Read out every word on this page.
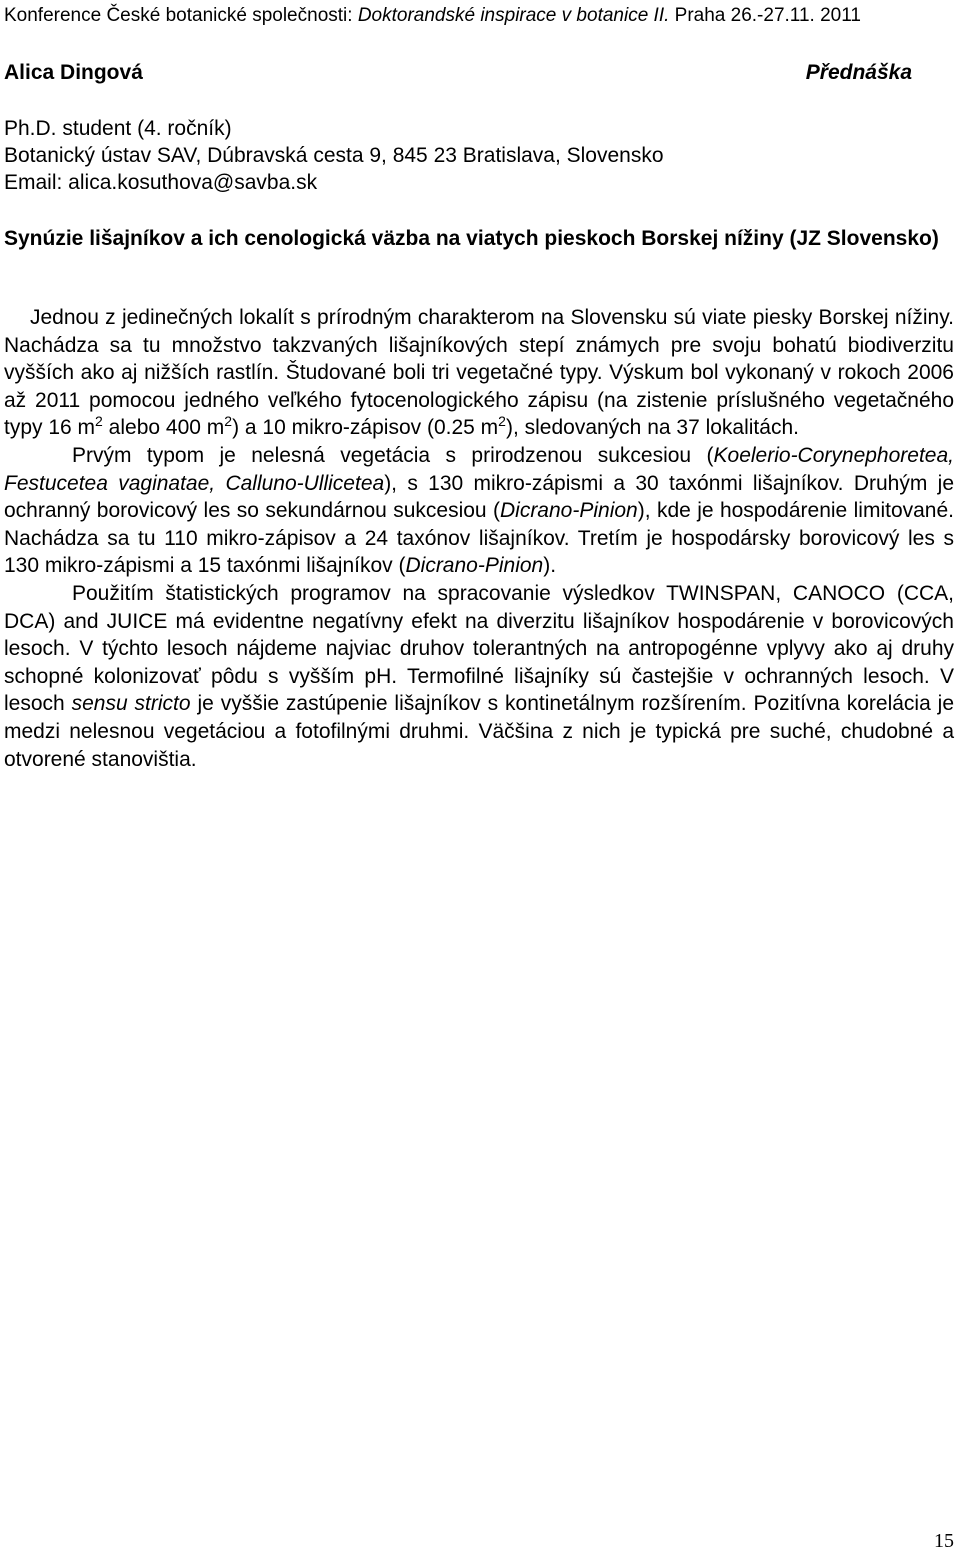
Konference České botanické společnosti: Doktorandské inspirace v botanice II. Praha 26.-27.11. 2011
Alica Dingová	Přednáška
Ph.D. student (4. ročník)
Botanický ústav SAV, Dúbravská cesta 9, 845 23 Bratislava, Slovensko
Email: alica.kosuthova@savba.sk
Synúzie lišajníkov a ich cenologická väzba na viatych pieskoch Borskej nížiny (JZ Slovensko)

Jednou z jedinečných lokalít s prírodným charakterom na Slovensku sú viate piesky Borskej nížiny. Nachádza sa tu množstvo takzvaných lišajníkových stepí známych pre svoju bohatú biodiverzitu vyšších ako aj nižších rastlín. Študované boli tri vegetačné typy. Výskum bol vykonaný v rokoch 2006 až 2011 pomocou jedného veľkého fytocenologického zápisu (na zistenie príslušného vegetačného typy 16 $m^2$ alebo 400 $m^2$) a 10 mikro-zápisov (0.25 $m^2$), sledovaných na 37 lokalitách.

Prvým typom je nelesná vegetácia s prirodzenou sukcesiou (Koelerio-Corynephoretea, Festucetea vaginatae, Calluno-Ullicetea), s 130 mikro-zápismi a 30 taxónmi lišajníkov. Druhým je ochranný borovicový les so sekundárnou sukcesiou (Dicrano-Pinion), kde je hospodárenie limitované. Nachádza sa tu 110 mikro-zápisov a 24 taxónov lišajníkov. Tretím je hospodársky borovicový les s 130 mikro-zápismi a 15 taxónmi lišajníkov (Dicrano-Pinion).

Použitím štatistických programov na spracovanie výsledkov TWINSPAN, CANOCO (CCA, DCA) and JUICE má evidentne negatívny efekt na diverzitu lišajníkov hospodárenie v borovicových lesoch. V týchto lesoch nájdeme najviac druhov tolerantných na antropogénne vplyvy ako aj druhy schopné kolonizovať pôdu s vyšším pH. Termofilné lišajníky sú častejšie v ochranných lesoch. V lesoch sensu stricto je vyššie zastúpenie lišajníkov s kontinetálnym rozšírením. Pozitívna korelácia je medzi nelesnou vegetáciou a fotofilnými druhmi. Väčšina z nich je typická pre suché, chudobné a otvorené stanovištia.

15
